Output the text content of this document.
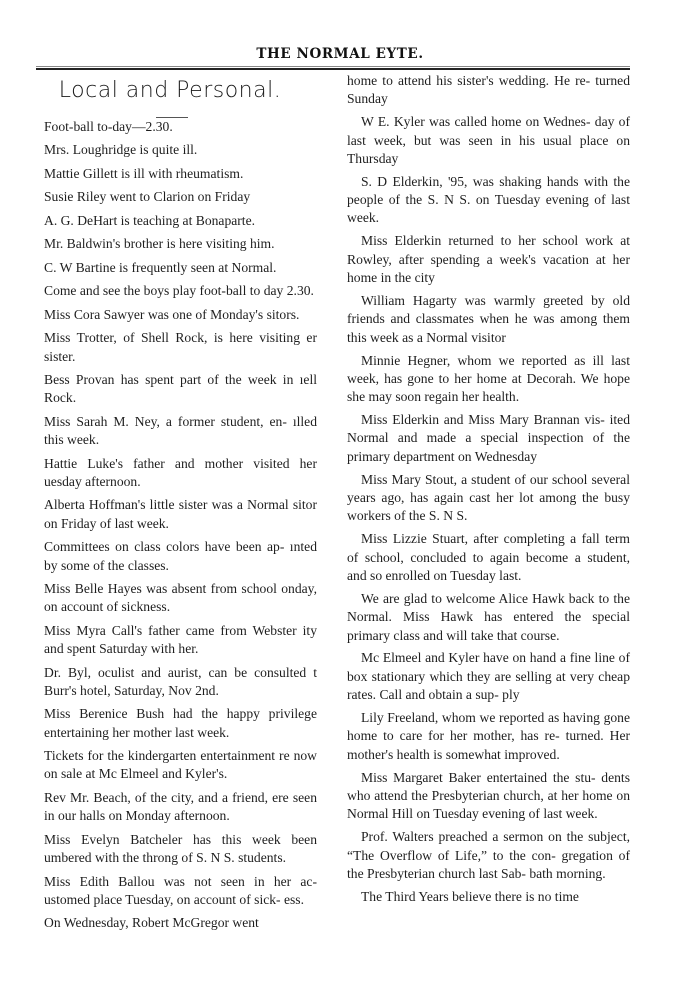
THE NORMAL EYTE.
Local and Personal.

Foot-ball to-day—2.30.

Mrs. Loughridge is quite ill.

Mattie Gillett is ill with rheumatism.

Susie Riley went to Clarion on Friday

A. G. DeHart is teaching at Bonaparte.

Mr. Baldwin's brother is here visiting him.

C. W Bartine is frequently seen at Normal.

Come and see the boys play foot-ball to day 2.30.

Miss Cora Sawyer was one of Monday's sitors.

Miss Trotter, of Shell Rock, is here visiting er sister.

Bess Provan has spent part of the week in ıell Rock.

Miss Sarah M. Ney, a former student, en- ılled this week.

Hattie Luke's father and mother visited her uesday afternoon.

Alberta Hoffman's little sister was a Normal sitor on Friday of last week.

Committees on class colors have been ap- ınted by some of the classes.

Miss Belle Hayes was absent from school onday, on account of sickness.

Miss Myra Call's father came from Webster ity and spent Saturday with her.

Dr. Byl, oculist and aurist, can be consulted t Burr's hotel, Saturday, Nov 2nd.

Miss Berenice Bush had the happy privilege entertaining her mother last week.

Tickets for the kindergarten entertainment re now on sale at Mc Elmeel and Kyler's.

Rev Mr. Beach, of the city, and a friend, ere seen in our halls on Monday afternoon.

Miss Evelyn Batcheler has this week been umbered with the throng of S. N S. students.

Miss Edith Ballou was not seen in her ac- ustomed place Tuesday, on account of sick- ess.

On Wednesday, Robert McGregor went

home to attend his sister's wedding. He re- turned Sunday

W E. Kyler was called home on Wednes- day of last week, but was seen in his usual place on Thursday

S. D Elderkin, '95, was shaking hands with the people of the S. N S. on Tuesday evening of last week.

Miss Elderkin returned to her school work at Rowley, after spending a week's vacation at her home in the city

William Hagarty was warmly greeted by old friends and classmates when he was among them this week as a Normal visitor

Minnie Hegner, whom we reported as ill last week, has gone to her home at Decorah. We hope she may soon regain her health.

Miss Elderkin and Miss Mary Brannan vis- ited Normal and made a special inspection of the primary department on Wednesday

Miss Mary Stout, a student of our school several years ago, has again cast her lot among the busy workers of the S. N S.

Miss Lizzie Stuart, after completing a fall term of school, concluded to again become a student, and so enrolled on Tuesday last.

We are glad to welcome Alice Hawk back to the Normal. Miss Hawk has entered the special primary class and will take that course.

Mc Elmeel and Kyler have on hand a fine line of box stationary which they are selling at very cheap rates. Call and obtain a sup- ply

Lily Freeland, whom we reported as having gone home to care for her mother, has re- turned. Her mother's health is somewhat improved.

Miss Margaret Baker entertained the stu- dents who attend the Presbyterian church, at her home on Normal Hill on Tuesday evening of last week.

Prof. Walters preached a sermon on the subject, “The Overflow of Life,” to the con- gregation of the Presbyterian church last Sab- bath morning.

The Third Years believe there is no time
